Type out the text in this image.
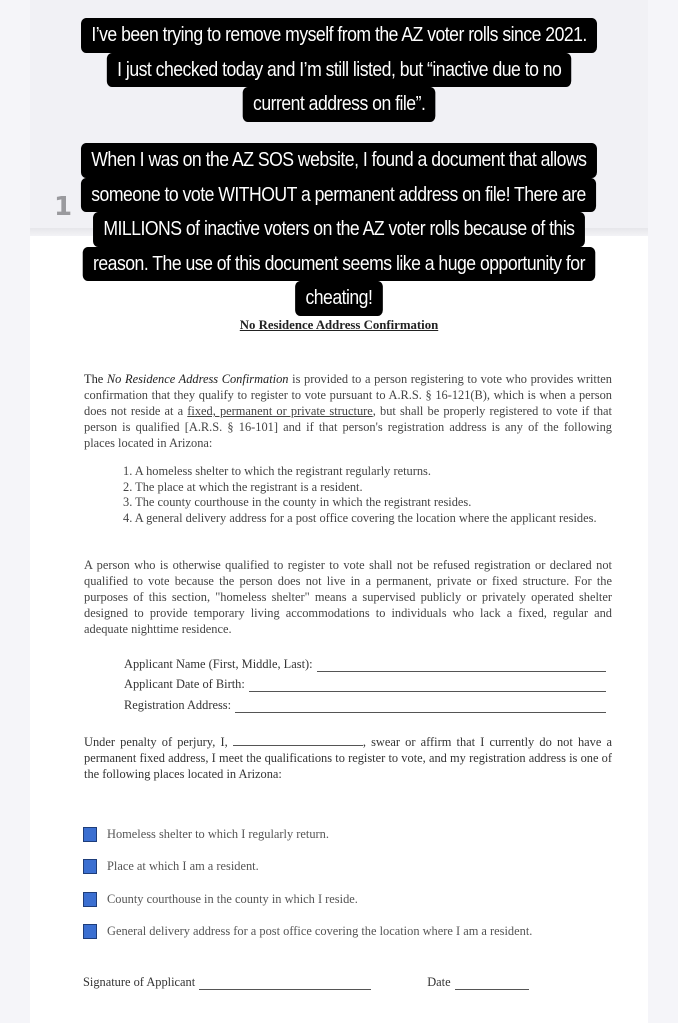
1
I’ve been trying to remove myself from the AZ voter rolls since 2021.
I just checked today and I’m still listed, but “inactive due to no
current address on file”.
When I was on the AZ SOS website, I found a document that allows
someone to vote WITHOUT a permanent address on file! There are
MILLIONS of inactive voters on the AZ voter rolls because of this
reason. The use of this document seems like a huge opportunity for
cheating!
No Residence Address Confirmation
The No Residence Address Confirmation is provided to a person registering to vote who provides written confirmation that they qualify to register to vote pursuant to A.R.S. § 16-121(B), which is when a person does not reside at a fixed, permanent or private structure, but shall be properly registered to vote if that person is qualified [A.R.S. § 16-101] and if that person's registration address is any of the following places located in Arizona:
1. A homeless shelter to which the registrant regularly returns.
2. The place at which the registrant is a resident.
3. The county courthouse in the county in which the registrant resides.
4. A general delivery address for a post office covering the location where the applicant resides.
A person who is otherwise qualified to register to vote shall not be refused registration or declared not qualified to vote because the person does not live in a permanent, private or fixed structure. For the purposes of this section, "homeless shelter" means a supervised publicly or privately operated shelter designed to provide temporary living accommodations to individuals who lack a fixed, regular and adequate nighttime residence.
Applicant Name (First, Middle, Last):
Applicant Date of Birth:
Registration Address:
Under penalty of perjury, I,	, swear or affirm that I currently do not have a permanent fixed address, I meet the qualifications to register to vote, and my registration address is one of the following places located in Arizona:
Homeless shelter to which I regularly return.
Place at which I am a resident.
County courthouse in the county in which I reside.
General delivery address for a post office covering the location where I am a resident.
Signature of Applicant	Date
